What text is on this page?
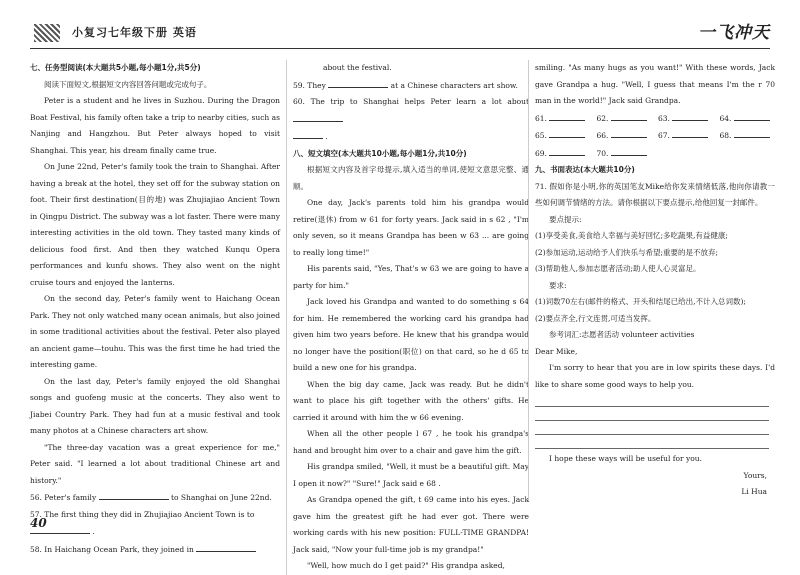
小复习七年级下册 英语	一飞冲天
七、任务型阅读(本大题共5小题,每小题1分,共5分)

阅读下面短文,根据短文内容回答问题或完成句子。

Peter is a student and he lives in Suzhou. During the Dragon Boat Festival, his family often take a trip to nearby cities, such as Nanjing and Hangzhou. But Peter always hoped to visit Shanghai. This year, his dream finally came true.

On June 22nd, Peter's family took the train to Shanghai. After having a break at the hotel, they set off for the subway station on foot. Their first destination(目的地) was Zhujiajiao Ancient Town in Qingpu District. The subway was a lot faster. There were many interesting activities in the old town. They tasted many kinds of delicious food first. And then they watched Kunqu Opera performances and kunfu shows. They also went on the night cruise tours and enjoyed the lanterns.

On the second day, Peter's family went to Haichang Ocean Park. They not only watched many ocean animals, but also joined in some traditional activities about the festival. Peter also played an ancient game—touhu. This was the first time he had tried the interesting game.

On the last day, Peter's family enjoyed the old Shanghai songs and guofeng music at the concerts. They also went to Jiabei Country Park. They had fun at a music festival and took many photos at a Chinese characters art show.

"The three-day vacation was a great experience for me," Peter said. "I learned a lot about traditional Chinese art and history."

56. Peter's family	to Shanghai on June 22nd.

57. The first thing they did in Zhujiajiao Ancient Town is to
.

58. In Haichang Ocean Park, they joined in

about the festival.

59. They	at a Chinese characters art show.

60. The trip to Shanghai helps Peter learn a lot about
.

八、短文填空(本大题共10小题,每小题1分,共10分)

根据短文内容及首字母提示,填入适当的单词,使短文意思完整、通顺。

One day, Jack's parents told him his grandpa would retire(退休) from w 61 for forty years. Jack said in s 62 , "I'm only seven, so it means Grandpa has been w 63 ... are going to really long time!"

His parents said, "Yes, That's w 63 we are going to have a party for him."

Jack loved his Grandpa and wanted to do something s 64 for him. He remembered the working card his grandpa had given him two years before. He knew that his grandpa would no longer have the position(职位) on that card, so he d 65 to build a new one for his grandpa.

When the big day came, Jack was ready. But he didn't want to place his gift together with the others' gifts. He carried it around with him the w 66 evening.

When all the other people l 67 , he took his grandpa's hand and brought him over to a chair and gave him the gift.

His grandpa smiled, "Well, it must be a beautiful gift. May I open it now?" "Sure!" Jack said e 68 .

As Grandpa opened the gift, t 69 came into his eyes. Jack gave him the greatest gift he had ever got. There were working cards with his new position: FULL-TIME GRANDPA! Jack said, "Now your full-time job is my grandpa!"

"Well, how much do I get paid?" His grandpa asked,

smiling. "As many hugs as you want!" With these words, Jack gave Grandpa a hug. "Well, I guess that means I'm the r 70 man in the world!" Jack said Grandpa.

61.	62.	63.	64.
65.	66.	67.	68.
69.	70.
九、书面表达(本大题共10分)

71. 假如你是小明,你的英国笔友Mike给你发来情绪低落,他向你请教一些如何调节情绪的方法。请你根据以下要点提示,给他回复一封邮件。

要点提示:

(1)享受美食,美食给人幸福与美好回忆;多吃蔬果,有益健康;

(2)参加运动,运动给予人们快乐与希望;重要的是不放弃;

(3)帮助他人,参加志愿者活动;助人使人心灵富足。

要求:

(1)词数70左右(邮件的格式、开头和结尾已给出,不计入总词数);

(2)要点齐全,行文连贯,可适当发挥。

参考词汇:志愿者活动 volunteer activities

Dear Mike,

I'm sorry to hear that you are in low spirits these days. I'd like to share some good ways to help you.

I hope these ways will be useful for you.

Yours,

Li Hua

40
